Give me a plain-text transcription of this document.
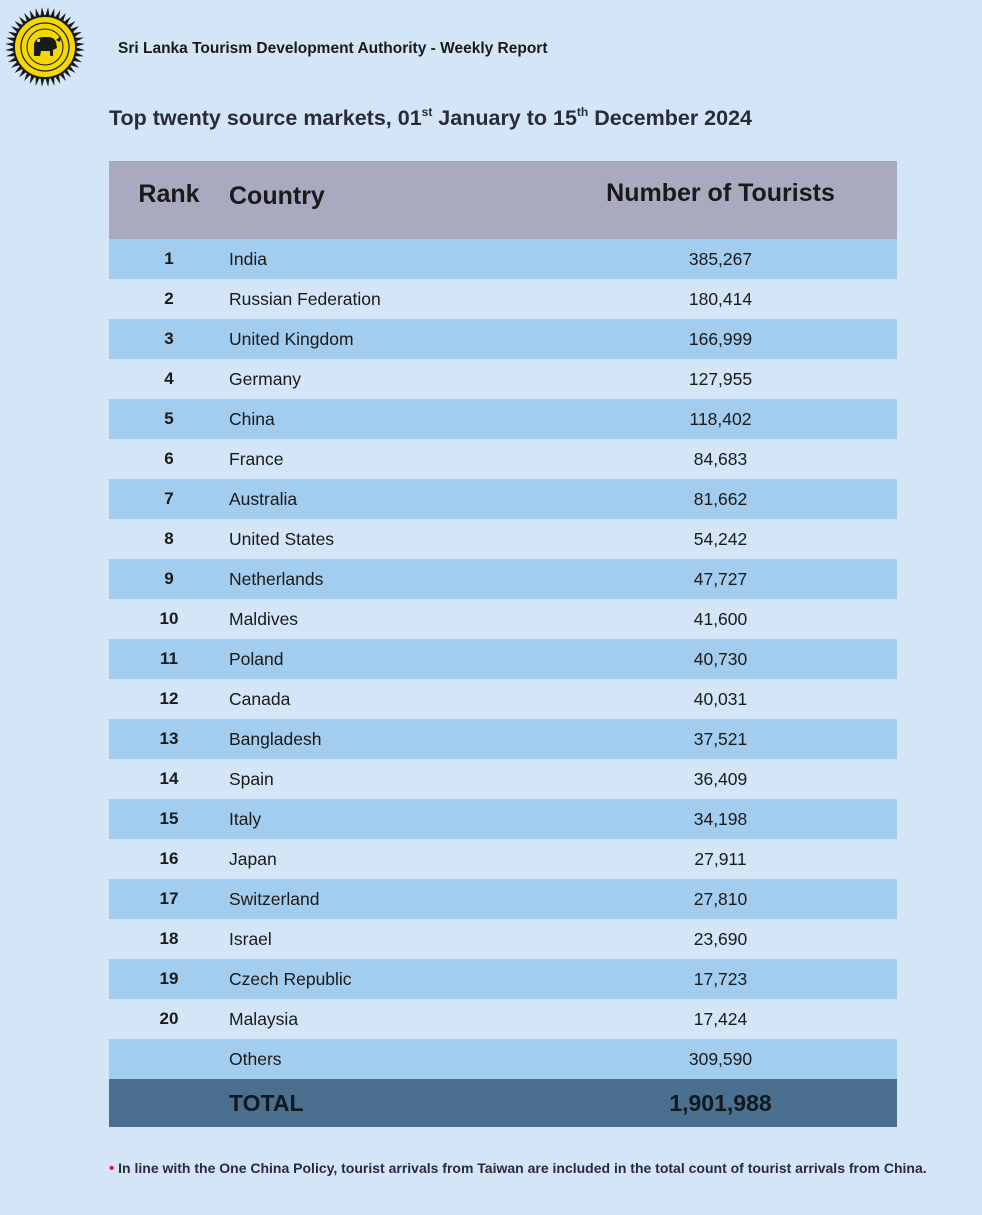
Sri Lanka Tourism Development Authority - Weekly Report
Top twenty source markets, 01st January to 15th December 2024
Rank	Country	Number of Tourists
1	India	385,267
2	Russian Federation	180,414
3	United Kingdom	166,999
4	Germany	127,955
5	China	118,402
6	France	84,683
7	Australia	81,662
8	United States	54,242
9	Netherlands	47,727
10	Maldives	41,600
11	Poland	40,730
12	Canada	40,031
13	Bangladesh	37,521
14	Spain	36,409
15	Italy	34,198
16	Japan	27,911
17	Switzerland	27,810
18	Israel	23,690
19	Czech Republic	17,723
20	Malaysia	17,424
	Others	309,590
	TOTAL	1,901,988
• In line with the One China Policy, tourist arrivals from Taiwan are included in the total count of tourist arrivals from China.
